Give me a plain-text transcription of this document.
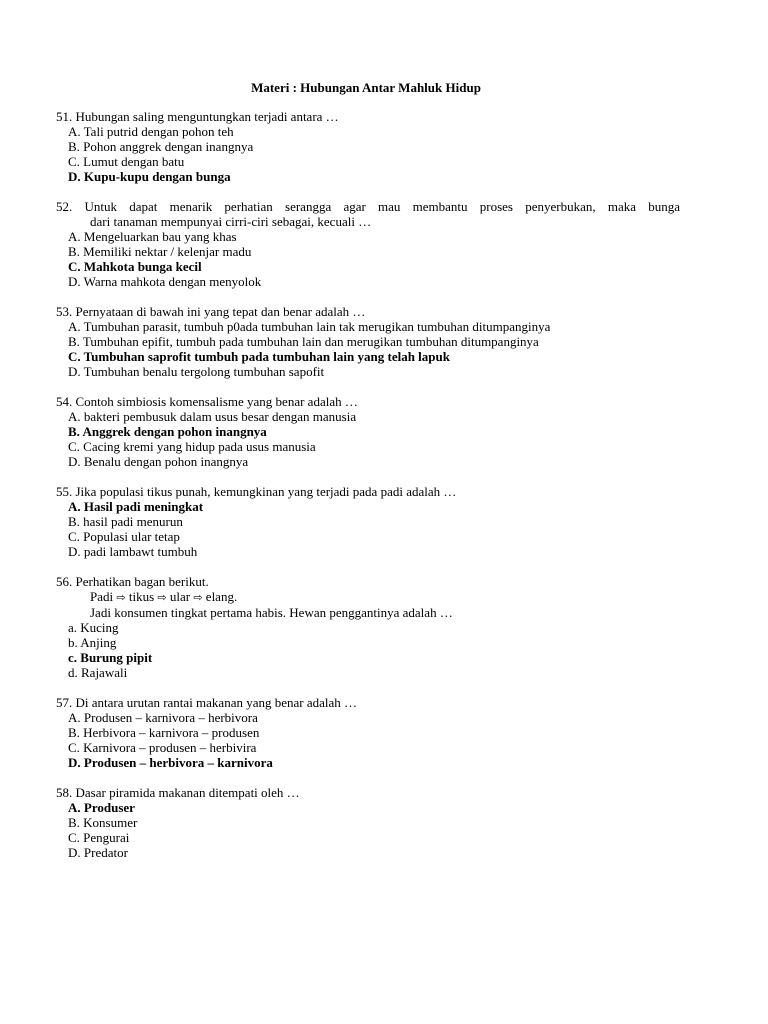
Materi : Hubungan Antar Mahluk Hidup
51. Hubungan saling menguntungkan terjadi antara …
A. Tali putrid dengan pohon teh
B. Pohon anggrek dengan inangnya
C. Lumut dengan batu
D. Kupu-kupu dengan bunga
52. Untuk dapat menarik perhatian serangga agar mau membantu proses penyerbukan, maka bunga
dari tanaman mempunyai cirri-ciri sebagai, kecuali …
A. Mengeluarkan bau yang khas
B. Memiliki nektar / kelenjar madu
C. Mahkota bunga kecil
D. Warna mahkota dengan menyolok
53. Pernyataan di bawah ini yang tepat dan benar adalah …
A. Tumbuhan parasit, tumbuh p0ada tumbuhan lain tak merugikan tumbuhan ditumpanginya
B. Tumbuhan epifit, tumbuh pada tumbuhan lain dan merugikan tumbuhan ditumpanginya
C. Tumbuhan saprofit tumbuh pada tumbuhan lain yang telah lapuk
D. Tumbuhan benalu tergolong tumbuhan sapofit
54. Contoh simbiosis komensalisme yang benar adalah …
A. bakteri pembusuk dalam usus besar dengan manusia
B. Anggrek dengan pohon inangnya
C. Cacing kremi yang hidup pada usus manusia
D. Benalu dengan pohon inangnya
55. Jika populasi tikus punah, kemungkinan yang terjadi pada padi adalah …
A. Hasil padi meningkat
B. hasil padi menurun
C. Populasi ular tetap
D. padi lambawt tumbuh
56. Perhatikan bagan berikut.
Padi ⇨ tikus ⇨ ular ⇨ elang.
Jadi konsumen tingkat pertama habis. Hewan penggantinya adalah …
a. Kucing
b. Anjing
c. Burung pipit
d. Rajawali
57. Di antara urutan rantai makanan yang benar adalah …
A. Produsen – karnivora – herbivora
B. Herbivora – karnivora – produsen
C. Karnivora – produsen – herbivira
D. Produsen – herbivora – karnivora
58. Dasar piramida makanan ditempati oleh …
A. Produser
B. Konsumer
C. Pengurai
D. Predator
